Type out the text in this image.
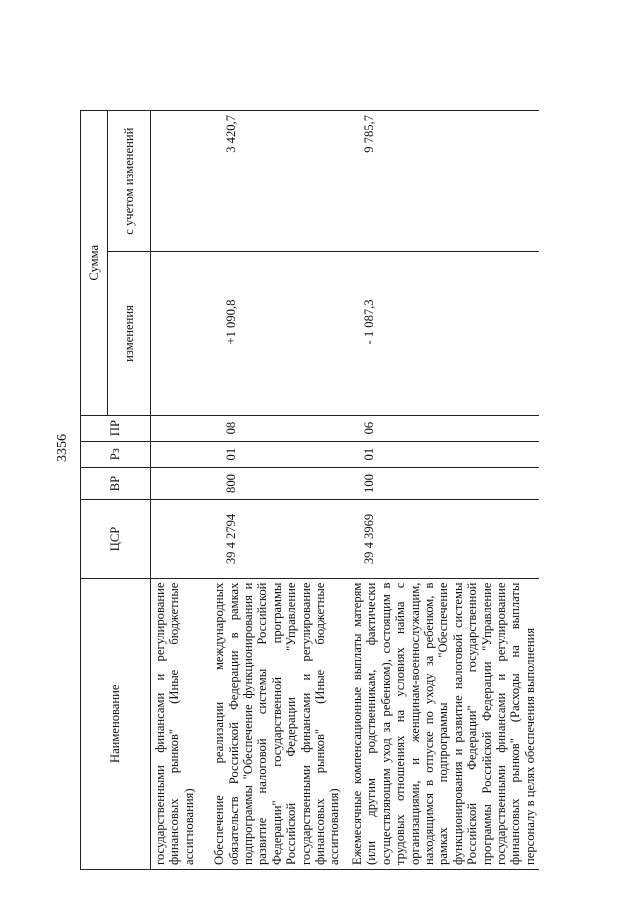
3356
Наименование	ЦСР	ВР	Рз	ПР	Сумма	
					изменения	с учетом изменений
государственными финансами и регулирование финансовых рынков" (Иные бюджетные ассигнования)						
Обеспечение реализации международных обязательств Российской Федерации в рамках подпрограммы "Обеспечение функционирования и развитие налоговой системы Российской Федерации" государственной программы Российской Федерации "Управление государственными финансами и регулирование финансовых рынков" (Иные бюджетные ассигнования)	39 4 2794	800	01	08	+1 090,8	3 420,7
Ежемесячные компенсационные выплаты матерям (или другим родственникам, фактически осуществляющим уход за ребенком), состоящим в трудовых отношениях на условиях найма с организациями, и женщинам-военнослужащим, находящимся в отпуске по уходу за ребенком, в рамках подпрограммы "Обеспечение функционирования и развитие налоговой системы Российской Федерации" государственной программы Российской Федерации "Управление государственными финансами и регулирование финансовых рынков" (Расходы на выплаты персоналу в целях обеспечения выполнения	39 4 3969	100	01	06	- 1 087,3	9 785,7
